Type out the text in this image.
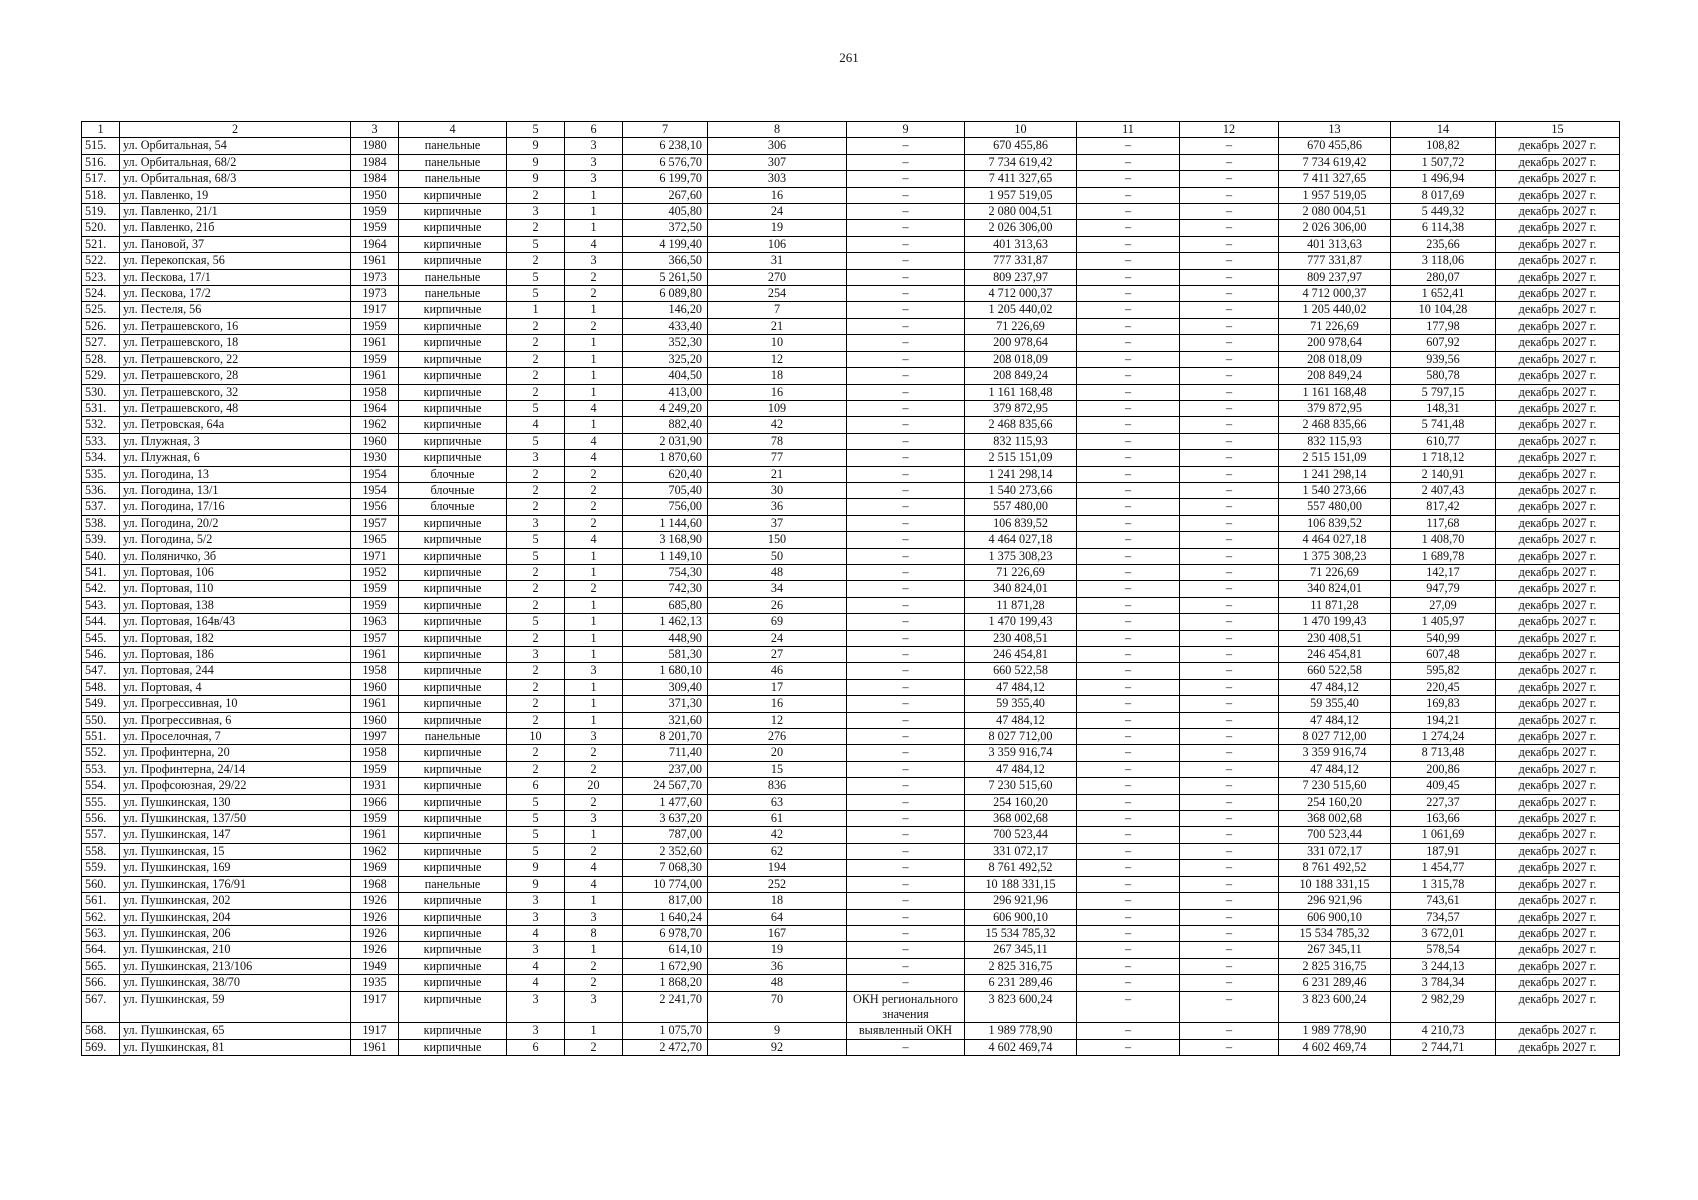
261
1	2	3	4	5	6	7	8	9	10	11	12	13	14	15
515.	ул. Орбитальная, 54	1980	панельные	9	3	6 238,10	306	–	670 455,86	–	–	670 455,86	108,82	декабрь 2027 г.
516.	ул. Орбитальная, 68/2	1984	панельные	9	3	6 576,70	307	–	7 734 619,42	–	–	7 734 619,42	1 507,72	декабрь 2027 г.
517.	ул. Орбитальная, 68/3	1984	панельные	9	3	6 199,70	303	–	7 411 327,65	–	–	7 411 327,65	1 496,94	декабрь 2027 г.
518.	ул. Павленко, 19	1950	кирпичные	2	1	267,60	16	–	1 957 519,05	–	–	1 957 519,05	8 017,69	декабрь 2027 г.
519.	ул. Павленко, 21/1	1959	кирпичные	3	1	405,80	24	–	2 080 004,51	–	–	2 080 004,51	5 449,32	декабрь 2027 г.
520.	ул. Павленко, 21б	1959	кирпичные	2	1	372,50	19	–	2 026 306,00	–	–	2 026 306,00	6 114,38	декабрь 2027 г.
521.	ул. Пановой, 37	1964	кирпичные	5	4	4 199,40	106	–	401 313,63	–	–	401 313,63	235,66	декабрь 2027 г.
522.	ул. Перекопская, 56	1961	кирпичные	2	3	366,50	31	–	777 331,87	–	–	777 331,87	3 118,06	декабрь 2027 г.
523.	ул. Пескова, 17/1	1973	панельные	5	2	5 261,50	270	–	809 237,97	–	–	809 237,97	280,07	декабрь 2027 г.
524.	ул. Пескова, 17/2	1973	панельные	5	2	6 089,80	254	–	4 712 000,37	–	–	4 712 000,37	1 652,41	декабрь 2027 г.
525.	ул. Пестеля, 56	1917	кирпичные	1	1	146,20	7	–	1 205 440,02	–	–	1 205 440,02	10 104,28	декабрь 2027 г.
526.	ул. Петрашевского, 16	1959	кирпичные	2	2	433,40	21	–	71 226,69	–	–	71 226,69	177,98	декабрь 2027 г.
527.	ул. Петрашевского, 18	1961	кирпичные	2	1	352,30	10	–	200 978,64	–	–	200 978,64	607,92	декабрь 2027 г.
528.	ул. Петрашевского, 22	1959	кирпичные	2	1	325,20	12	–	208 018,09	–	–	208 018,09	939,56	декабрь 2027 г.
529.	ул. Петрашевского, 28	1961	кирпичные	2	1	404,50	18	–	208 849,24	–	–	208 849,24	580,78	декабрь 2027 г.
530.	ул. Петрашевского, 32	1958	кирпичные	2	1	413,00	16	–	1 161 168,48	–	–	1 161 168,48	5 797,15	декабрь 2027 г.
531.	ул. Петрашевского, 48	1964	кирпичные	5	4	4 249,20	109	–	379 872,95	–	–	379 872,95	148,31	декабрь 2027 г.
532.	ул. Петровская, 64а	1962	кирпичные	4	1	882,40	42	–	2 468 835,66	–	–	2 468 835,66	5 741,48	декабрь 2027 г.
533.	ул. Плужная, 3	1960	кирпичные	5	4	2 031,90	78	–	832 115,93	–	–	832 115,93	610,77	декабрь 2027 г.
534.	ул. Плужная, 6	1930	кирпичные	3	4	1 870,60	77	–	2 515 151,09	–	–	2 515 151,09	1 718,12	декабрь 2027 г.
535.	ул. Погодина, 13	1954	блочные	2	2	620,40	21	–	1 241 298,14	–	–	1 241 298,14	2 140,91	декабрь 2027 г.
536.	ул. Погодина, 13/1	1954	блочные	2	2	705,40	30	–	1 540 273,66	–	–	1 540 273,66	2 407,43	декабрь 2027 г.
537.	ул. Погодина, 17/16	1956	блочные	2	2	756,00	36	–	557 480,00	–	–	557 480,00	817,42	декабрь 2027 г.
538.	ул. Погодина, 20/2	1957	кирпичные	3	2	1 144,60	37	–	106 839,52	–	–	106 839,52	117,68	декабрь 2027 г.
539.	ул. Погодина, 5/2	1965	кирпичные	5	4	3 168,90	150	–	4 464 027,18	–	–	4 464 027,18	1 408,70	декабрь 2027 г.
540.	ул. Поляничко, 3б	1971	кирпичные	5	1	1 149,10	50	–	1 375 308,23	–	–	1 375 308,23	1 689,78	декабрь 2027 г.
541.	ул. Портовая, 106	1952	кирпичные	2	1	754,30	48	–	71 226,69	–	–	71 226,69	142,17	декабрь 2027 г.
542.	ул. Портовая, 110	1959	кирпичные	2	2	742,30	34	–	340 824,01	–	–	340 824,01	947,79	декабрь 2027 г.
543.	ул. Портовая, 138	1959	кирпичные	2	1	685,80	26	–	11 871,28	–	–	11 871,28	27,09	декабрь 2027 г.
544.	ул. Портовая, 164в/43	1963	кирпичные	5	1	1 462,13	69	–	1 470 199,43	–	–	1 470 199,43	1 405,97	декабрь 2027 г.
545.	ул. Портовая, 182	1957	кирпичные	2	1	448,90	24	–	230 408,51	–	–	230 408,51	540,99	декабрь 2027 г.
546.	ул. Портовая, 186	1961	кирпичные	3	1	581,30	27	–	246 454,81	–	–	246 454,81	607,48	декабрь 2027 г.
547.	ул. Портовая, 244	1958	кирпичные	2	3	1 680,10	46	–	660 522,58	–	–	660 522,58	595,82	декабрь 2027 г.
548.	ул. Портовая, 4	1960	кирпичные	2	1	309,40	17	–	47 484,12	–	–	47 484,12	220,45	декабрь 2027 г.
549.	ул. Прогрессивная, 10	1961	кирпичные	2	1	371,30	16	–	59 355,40	–	–	59 355,40	169,83	декабрь 2027 г.
550.	ул. Прогрессивная, 6	1960	кирпичные	2	1	321,60	12	–	47 484,12	–	–	47 484,12	194,21	декабрь 2027 г.
551.	ул. Проселочная, 7	1997	панельные	10	3	8 201,70	276	–	8 027 712,00	–	–	8 027 712,00	1 274,24	декабрь 2027 г.
552.	ул. Профинтерна, 20	1958	кирпичные	2	2	711,40	20	–	3 359 916,74	–	–	3 359 916,74	8 713,48	декабрь 2027 г.
553.	ул. Профинтерна, 24/14	1959	кирпичные	2	2	237,00	15	–	47 484,12	–	–	47 484,12	200,86	декабрь 2027 г.
554.	ул. Профсоюзная, 29/22	1931	кирпичные	6	20	24 567,70	836	–	7 230 515,60	–	–	7 230 515,60	409,45	декабрь 2027 г.
555.	ул. Пушкинская, 130	1966	кирпичные	5	2	1 477,60	63	–	254 160,20	–	–	254 160,20	227,37	декабрь 2027 г.
556.	ул. Пушкинская, 137/50	1959	кирпичные	5	3	3 637,20	61	–	368 002,68	–	–	368 002,68	163,66	декабрь 2027 г.
557.	ул. Пушкинская, 147	1961	кирпичные	5	1	787,00	42	–	700 523,44	–	–	700 523,44	1 061,69	декабрь 2027 г.
558.	ул. Пушкинская, 15	1962	кирпичные	5	2	2 352,60	62	–	331 072,17	–	–	331 072,17	187,91	декабрь 2027 г.
559.	ул. Пушкинская, 169	1969	кирпичные	9	4	7 068,30	194	–	8 761 492,52	–	–	8 761 492,52	1 454,77	декабрь 2027 г.
560.	ул. Пушкинская, 176/91	1968	панельные	9	4	10 774,00	252	–	10 188 331,15	–	–	10 188 331,15	1 315,78	декабрь 2027 г.
561.	ул. Пушкинская, 202	1926	кирпичные	3	1	817,00	18	–	296 921,96	–	–	296 921,96	743,61	декабрь 2027 г.
562.	ул. Пушкинская, 204	1926	кирпичные	3	3	1 640,24	64	–	606 900,10	–	–	606 900,10	734,57	декабрь 2027 г.
563.	ул. Пушкинская, 206	1926	кирпичные	4	8	6 978,70	167	–	15 534 785,32	–	–	15 534 785,32	3 672,01	декабрь 2027 г.
564.	ул. Пушкинская, 210	1926	кирпичные	3	1	614,10	19	–	267 345,11	–	–	267 345,11	578,54	декабрь 2027 г.
565.	ул. Пушкинская, 213/106	1949	кирпичные	4	2	1 672,90	36	–	2 825 316,75	–	–	2 825 316,75	3 244,13	декабрь 2027 г.
566.	ул. Пушкинская, 38/70	1935	кирпичные	4	2	1 868,20	48	–	6 231 289,46	–	–	6 231 289,46	3 784,34	декабрь 2027 г.
567.	ул. Пушкинская, 59	1917	кирпичные	3	3	2 241,70	70	ОКН регионального значения	3 823 600,24	–	–	3 823 600,24	2 982,29	декабрь 2027 г.
568.	ул. Пушкинская, 65	1917	кирпичные	3	1	1 075,70	9	выявленный ОКН	1 989 778,90	–	–	1 989 778,90	4 210,73	декабрь 2027 г.
569.	ул. Пушкинская, 81	1961	кирпичные	6	2	2 472,70	92	–	4 602 469,74	–	–	4 602 469,74	2 744,71	декабрь 2027 г.
